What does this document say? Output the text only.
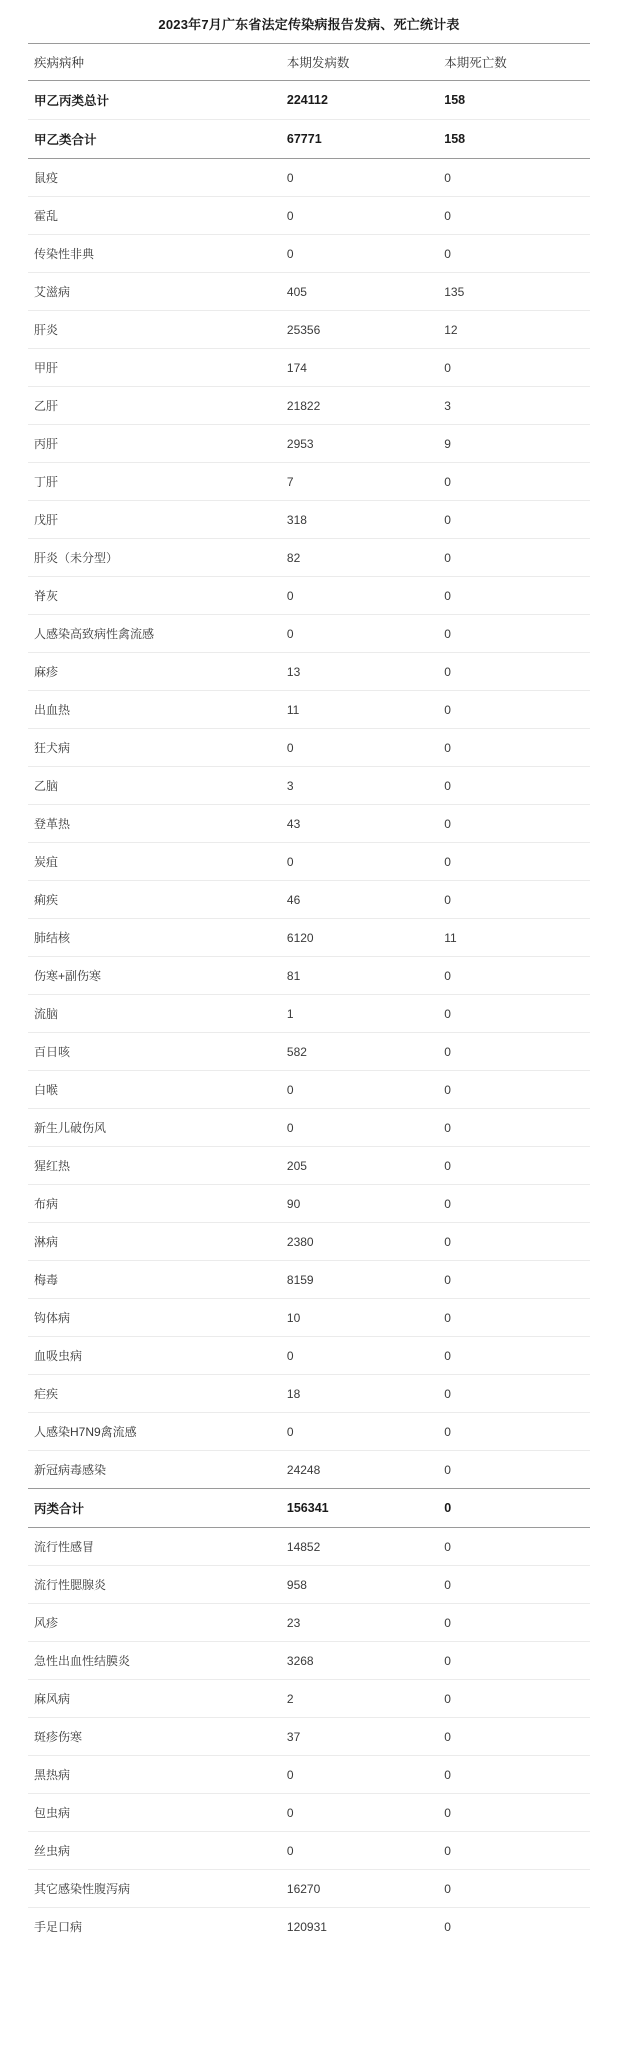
2023年7月广东省法定传染病报告发病、死亡统计表
疾病病种	本期发病数	本期死亡数
甲乙丙类总计	224112	158
甲乙类合计	67771	158
鼠疫	0	0
霍乱	0	0
传染性非典	0	0
艾滋病	405	135
肝炎	25356	12
甲肝	174	0
乙肝	21822	3
丙肝	2953	9
丁肝	7	0
戊肝	318	0
肝炎（未分型）	82	0
脊灰	0	0
人感染高致病性禽流感	0	0
麻疹	13	0
出血热	11	0
狂犬病	0	0
乙脑	3	0
登革热	43	0
炭疽	0	0
痢疾	46	0
肺结核	6120	11
伤寒+副伤寒	81	0
流脑	1	0
百日咳	582	0
白喉	0	0
新生儿破伤风	0	0
猩红热	205	0
布病	90	0
淋病	2380	0
梅毒	8159	0
钩体病	10	0
血吸虫病	0	0
疟疾	18	0
人感染H7N9禽流感	0	0
新冠病毒感染	24248	0
丙类合计	156341	0
流行性感冒	14852	0
流行性腮腺炎	958	0
风疹	23	0
急性出血性结膜炎	3268	0
麻风病	2	0
斑疹伤寒	37	0
黑热病	0	0
包虫病	0	0
丝虫病	0	0
其它感染性腹泻病	16270	0
手足口病	120931	0
